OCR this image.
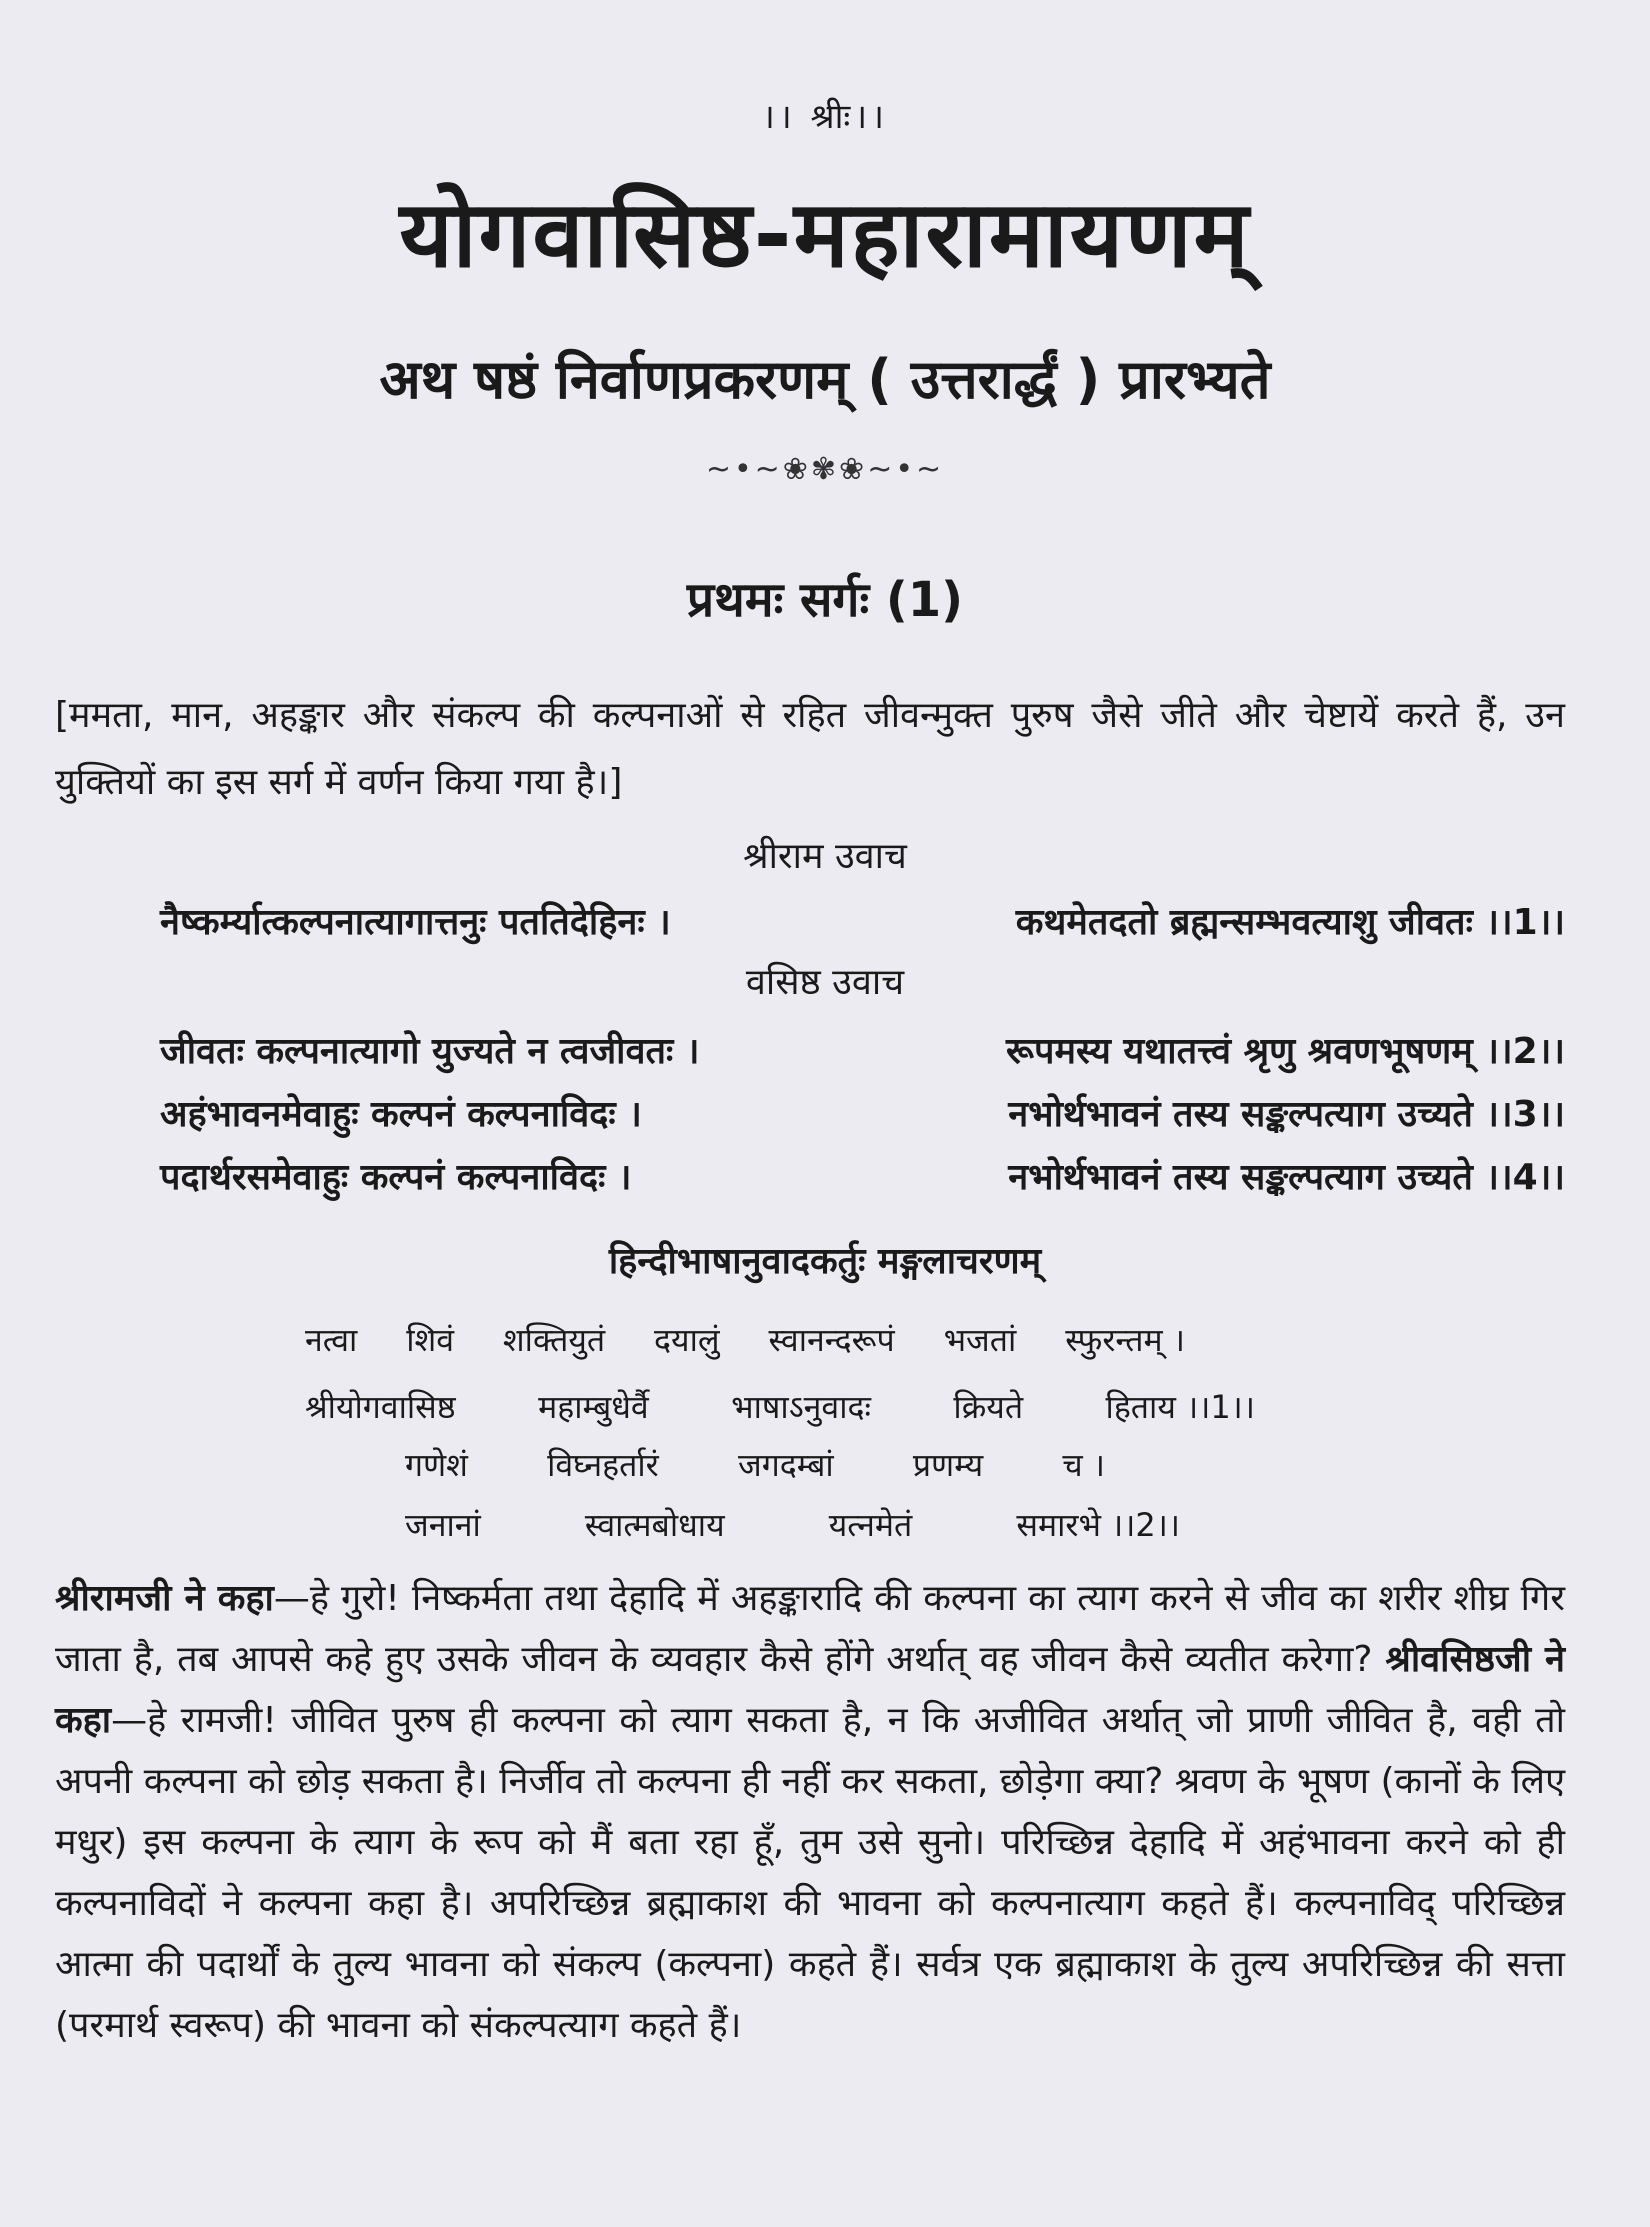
।। श्रीः।।
योगवासिष्ठ-महारामायणम्
अथ षष्ठं निर्वाणप्रकरणम् ( उत्तरार्द्धं ) प्रारभ्यते
~•~❀✾❀~•~
प्रथमः सर्गः (1)
[ममता, मान, अहङ्कार और संकल्प की कल्पनाओं से रहित जीवन्मुक्त पुरुष जैसे जीते और चेष्टायें करते हैं, उन युक्तियों का इस सर्ग में वर्णन किया गया है।]
श्रीराम उवाच
नैष्कर्म्यात्कल्पनात्यागात्तनुः पततिदेहिनः ।	कथमेतदतो ब्रह्मन्सम्भवत्याशु जीवतः ।।1।।
वसिष्ठ उवाच
जीवतः कल्पनात्यागो युज्यते न त्वजीवतः ।	रूपमस्य यथातत्त्वं श्रृणु श्रवणभूषणम् ।।2।।
अहंभावनमेवाहुः कल्पनं कल्पनाविदः ।	नभोर्थभावनं तस्य सङ्कल्पत्याग उच्यते ।।3।।
पदार्थरसमेवाहुः कल्पनं कल्पनाविदः ।	नभोर्थभावनं तस्य सङ्कल्पत्याग उच्यते ।।4।।
हिन्दीभाषानुवादकर्तुः मङ्गलाचरणम्
नत्वा शिवं शक्तियुतं दयालुं स्वानन्दरूपं भजतां स्फुरन्तम् ।
श्रीयोगवासिष्ठ	महाम्बुधेर्वै	भाषाऽनुवादः	क्रियते	हिताय ।।1।।
गणेशं विघ्नहर्तारं जगदम्बां प्रणम्य च ।
जनानां	स्वात्मबोधाय	यत्नमेतं	समारभे ।।2।।
श्रीरामजी ने कहा—हे गुरो! निष्कर्मता तथा देहादि में अहङ्कारादि की कल्पना का त्याग करने से जीव का शरीर शीघ्र गिर जाता है, तब आपसे कहे हुए उसके जीवन के व्यवहार कैसे होंगे अर्थात् वह जीवन कैसे व्यतीत करेगा? श्रीवसिष्ठजी ने कहा—हे रामजी! जीवित पुरुष ही कल्पना को त्याग सकता है, न कि अजीवित अर्थात् जो प्राणी जीवित है, वही तो अपनी कल्पना को छोड़ सकता है। निर्जीव तो कल्पना ही नहीं कर सकता, छोड़ेगा क्या? श्रवण के भूषण (कानों के लिए मधुर) इस कल्पना के त्याग के रूप को मैं बता रहा हूँ, तुम उसे सुनो। परिच्छिन्न देहादि में अहंभावना करने को ही कल्पनाविदों ने कल्पना कहा है। अपरिच्छिन्न ब्रह्माकाश की भावना को कल्पनात्याग कहते हैं। कल्पनाविद् परिच्छिन्न आत्मा की पदार्थों के तुल्य भावना को संकल्प (कल्पना) कहते हैं। सर्वत्र एक ब्रह्माकाश के तुल्य अपरिच्छिन्न की सत्ता (परमार्थ स्वरूप) की भावना को संकल्पत्याग कहते हैं।
